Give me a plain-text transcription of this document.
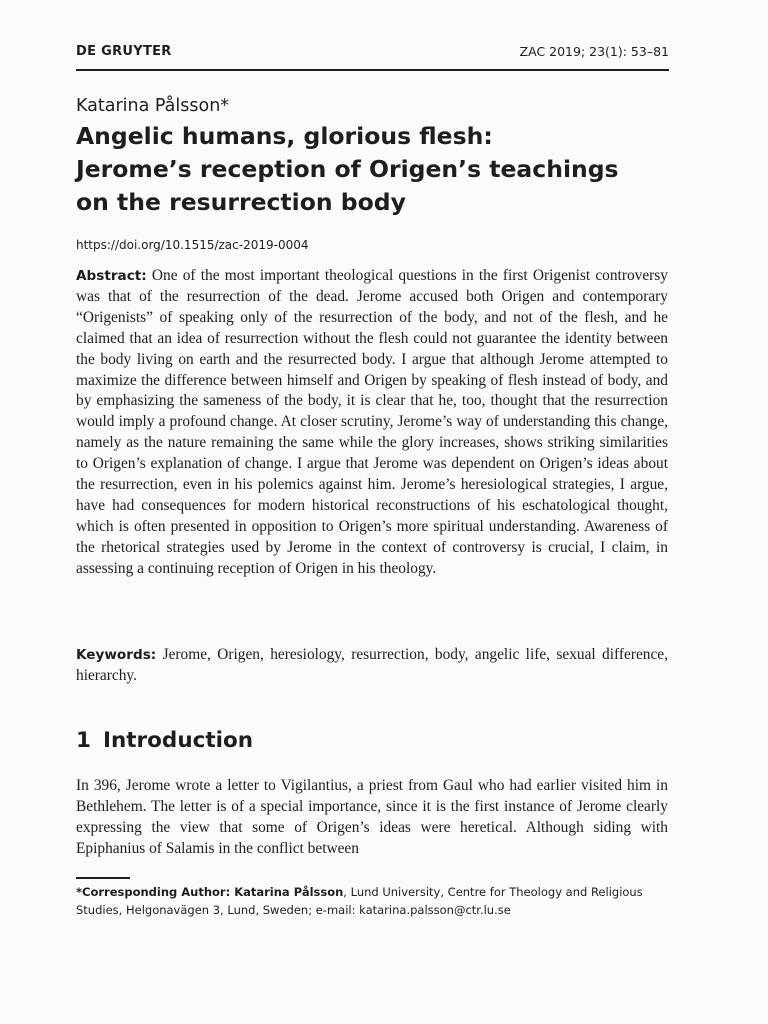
DE GRUYTER	ZAC 2019; 23(1): 53–81
Katarina Pålsson*
Angelic humans, glorious flesh:
Jerome’s reception of Origen’s teachings
on the resurrection body
https://doi.org/10.1515/zac-2019-0004
Abstract: One of the most important theological questions in the first Origenist controversy was that of the resurrection of the dead. Jerome accused both Origen and contemporary “Origenists” of speaking only of the resurrection of the body, and not of the flesh, and he claimed that an idea of resurrection without the flesh could not guarantee the identity between the body living on earth and the resurrected body. I argue that although Jerome attempted to maximize the difference between himself and Origen by speaking of flesh instead of body, and by emphasizing the sameness of the body, it is clear that he, too, thought that the resurrection would imply a profound change. At closer scrutiny, Jerome’s way of understanding this change, namely as the nature remaining the same while the glory increases, shows striking similarities to Origen’s explanation of change. I argue that Jerome was dependent on Origen’s ideas about the resurrection, even in his polemics against him. Jerome’s heresiological strategies, I argue, have had consequences for modern historical reconstructions of his eschatological thought, which is often presented in opposition to Origen’s more spiritual understanding. Awareness of the rhetorical strategies used by Jerome in the context of controversy is crucial, I claim, in assessing a continuing reception of Origen in his theology.
Keywords: Jerome, Origen, heresiology, resurrection, body, angelic life, sexual difference, hierarchy.
1 Introduction
In 396, Jerome wrote a letter to Vigilantius, a priest from Gaul who had earlier visited him in Bethlehem. The letter is of a special importance, since it is the first instance of Jerome clearly expressing the view that some of Origen’s ideas were heretical. Although siding with Epiphanius of Salamis in the conflict between
*Corresponding Author: Katarina Pålsson, Lund University, Centre for Theology and Religious Studies, Helgonavägen 3, Lund, Sweden; e-mail: katarina.palsson@ctr.lu.se
